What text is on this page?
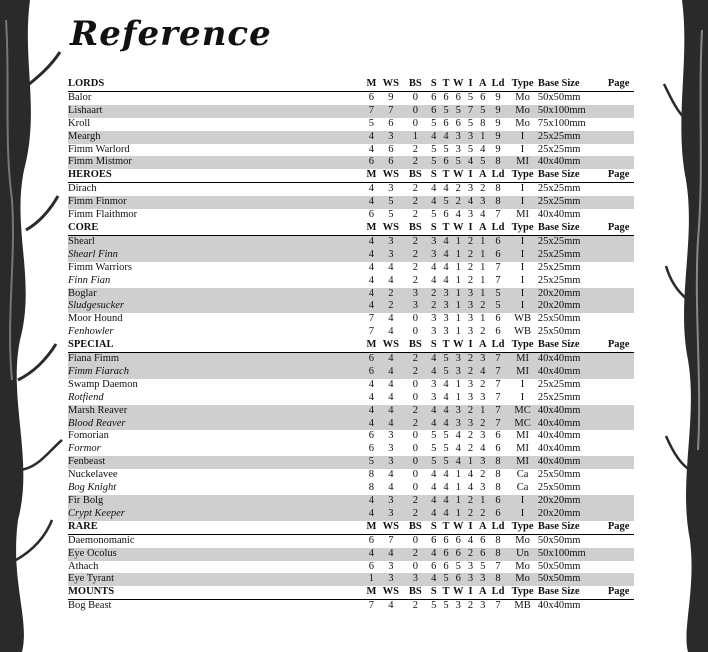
Reference
LORDS	M	WS	BS	S	T	W	I	A	Ld	Type	Base Size	Page
Balor	6	9	0	6	6	6	5	6	9	Mo	50x50mm	
Lishaart	7	7	0	6	5	5	7	5	9	Mo	50x100mm	
Kroll	5	6	0	5	6	6	5	8	9	Mo	75x100mm	
Meargh	4	3	1	4	4	3	3	1	9	I	25x25mm	
Fimm Warlord	4	6	2	5	5	3	5	4	9	I	25x25mm	
Fimm Mistmor	6	6	2	5	6	5	4	5	8	MI	40x40mm	
HEROES	M	WS	BS	S	T	W	I	A	Ld	Type	Base Size	Page
Dirach	4	3	2	4	4	2	3	2	8	I	25x25mm	
Fimm Finmor	4	5	2	4	5	2	4	3	8	I	25x25mm	
Fimm Flaithmor	6	5	2	5	6	4	3	4	7	MI	40x40mm	
CORE	M	WS	BS	S	T	W	I	A	Ld	Type	Base Size	Page
Shearl	4	3	2	3	4	1	2	1	6	I	25x25mm	
Shearl Finn	4	3	2	3	4	1	2	1	6	I	25x25mm	
Fimm Warriors	4	4	2	4	4	1	2	1	7	I	25x25mm	
Finn Fian	4	4	2	4	4	1	2	1	7	I	25x25mm	
Boglar	4	2	3	2	3	1	3	1	5	I	20x20mm	
Sludgesucker	4	2	3	2	3	1	3	2	5	I	20x20mm	
Moor Hound	7	4	0	3	3	1	3	1	6	WB	25x50mm	
Fenhowler	7	4	0	3	3	1	3	2	6	WB	25x50mm	
SPECIAL	M	WS	BS	S	T	W	I	A	Ld	Type	Base Size	Page
Fiana Fimm	6	4	2	4	5	3	2	3	7	MI	40x40mm	
Fimm Fiarach	6	4	2	4	5	3	2	4	7	MI	40x40mm	
Swamp Daemon	4	4	0	3	4	1	3	2	7	I	25x25mm	
Rotfiend	4	4	0	3	4	1	3	3	7	I	25x25mm	
Marsh Reaver	4	4	2	4	4	3	2	1	7	MC	40x40mm	
Blood Reaver	4	4	2	4	4	3	3	2	7	MC	40x40mm	
Fomorian	6	3	0	5	5	4	2	3	6	MI	40x40mm	
Formor	6	3	0	5	5	4	2	4	6	MI	40x40mm	
Fenbeast	5	3	0	5	5	4	1	3	8	MI	40x40mm	
Nuckelavee	8	4	0	4	4	1	4	2	8	Ca	25x50mm	
Bog Knight	8	4	0	4	4	1	4	3	8	Ca	25x50mm	
Fir Bolg	4	3	2	4	4	1	2	1	6	I	20x20mm	
Crypt Keeper	4	3	2	4	4	1	2	2	6	I	20x20mm	
RARE	M	WS	BS	S	T	W	I	A	Ld	Type	Base Size	Page
Daemonomanic	6	7	0	6	6	6	4	6	8	Mo	50x50mm	
Eye Ocolus	4	4	2	4	6	6	2	6	8	Un	50x100mm	
Athach	6	3	0	6	6	5	3	5	7	Mo	50x50mm	
Eye Tyrant	1	3	3	4	5	6	3	3	8	Mo	50x50mm	
MOUNTS	M	WS	BS	S	T	W	I	A	Ld	Type	Base Size	Page
Bog Beast	7	4	2	5	5	3	2	3	7	MB	40x40mm	
